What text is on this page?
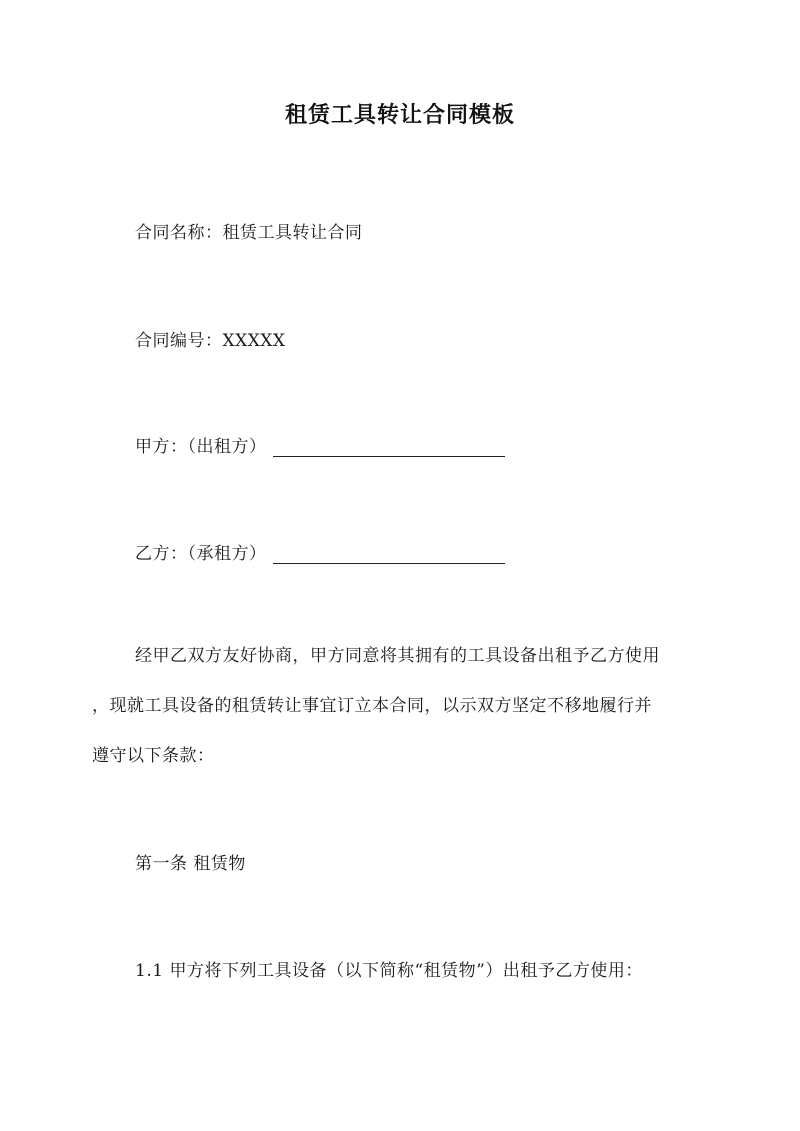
租赁工具转让合同模板
合同名称：租赁工具转让合同
合同编号：XXXXX
甲方：（出租方）
乙方：（承租方）
经甲乙双方友好协商，甲方同意将其拥有的工具设备出租予乙方使用
，现就工具设备的租赁转让事宜订立本合同，以示双方坚定不移地履行并
遵守以下条款：
第一条 租赁物
1.1 甲方将下列工具设备（以下简称“租赁物”）出租予乙方使用：
